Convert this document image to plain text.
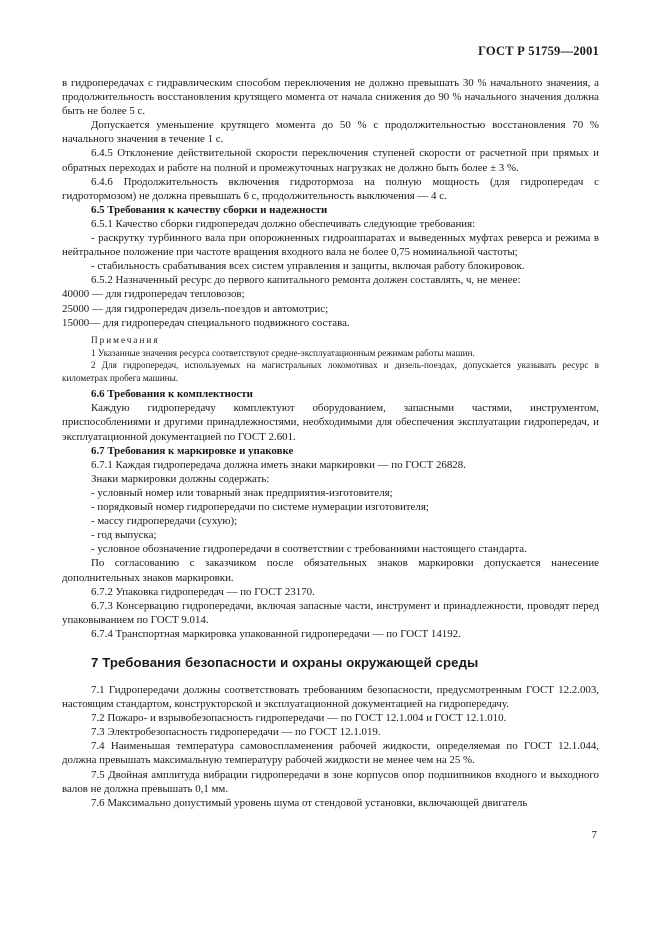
ГОСТ Р 51759—2001

в гидропередачах с гидравлическим способом переключения не должно превышать 30 % начального значения, а продолжительность восстановления крутящего момента от начала снижения до 90 % начального значения должна быть не более 5 с.

Допускается уменьшение крутящего момента до 50 % с продолжительностью восстановления 70 % начального значения в течение 1 с.

6.4.5 Отклонение действительной скорости переключения ступеней скорости от расчетной при прямых и обратных переходах и работе на полной и промежуточных нагрузках не должно быть более ± 3 %.

6.4.6 Продолжительность включения гидротормоза на полную мощность (для гидропередач с гидротормозом) не должна превышать 6 с, продолжительность выключения — 4 с.

6.5 Требования к качеству сборки и надежности

6.5.1 Качество сборки гидропередач должно обеспечивать следующие требования:

- раскрутку турбинного вала при опорожненных гидроаппаратах и выведенных муфтах реверса и режима в нейтральное положение при частоте вращения входного вала не более 0,75 номинальной частоты;

- стабильность срабатывания всех систем управления и защиты, включая работу блокировок.

6.5.2 Назначенный ресурс до первого капитального ремонта должен составлять, ч, не менее:

40000 — для гидропередач тепловозов;

25000 — для гидропередач дизель-поездов и автомотрис;

15000— для гидропередач специального подвижного состава.

Примечания

1 Указанные значения ресурса соответствуют средне-эксплуатационным режимам работы машин.

2 Для гидропередач, используемых на магистральных локомотивах и дизель-поездах, допускается указывать ресурс в километрах пробега машины.

6.6 Требования к комплектности

Каждую гидропередачу комплектуют оборудованием, запасными частями, инструментом, приспособлениями и другими принадлежностями, необходимыми для обеспечения эксплуатации гидропередач, и эксплуатационной документацией по ГОСТ 2.601.

6.7 Требования к маркировке и упаковке

6.7.1 Каждая гидропередача должна иметь знаки маркировки — по ГОСТ 26828.

Знаки маркировки должны содержать:

- условный номер или товарный знак предприятия-изготовителя;

- порядковый номер гидропередачи по системе нумерации изготовителя;

- массу гидропередачи (сухую);

- год выпуска;

- условное обозначение гидропередачи в соответствии с требованиями настоящего стандарта.

По согласованию с заказчиком после обязательных знаков маркировки допускается нанесение дополнительных знаков маркировки.

6.7.2 Упаковка гидропередач — по ГОСТ 23170.

6.7.3 Консервацию гидропередачи, включая запасные части, инструмент и принадлежности, проводят перед упаковыванием по ГОСТ 9.014.

6.7.4 Транспортная маркировка упакованной гидропередачи — по ГОСТ 14192.

7 Требования безопасности и охраны окружающей среды

7.1 Гидропередачи должны соответствовать требованиям безопасности, предусмотренным ГОСТ 12.2.003, настоящим стандартом, конструкторской и эксплуатационной документацией на гидропередачу.

7.2 Пожаро- и взрывобезопасность гидропередачи — по ГОСТ 12.1.004 и ГОСТ 12.1.010.

7.3 Электробезопасность гидропередачи — по ГОСТ 12.1.019.

7.4 Наименьшая температура самовоспламенения рабочей жидкости, определяемая по ГОСТ 12.1.044, должна превышать максимальную температуру рабочей жидкости не менее чем на 25 %.

7.5 Двойная амплитуда вибрации гидропередачи в зоне корпусов опор подшипников входного и выходного валов не должна превышать 0,1 мм.

7.6 Максимально допустимый уровень шума от стендовой установки, включающей двигатель

7
